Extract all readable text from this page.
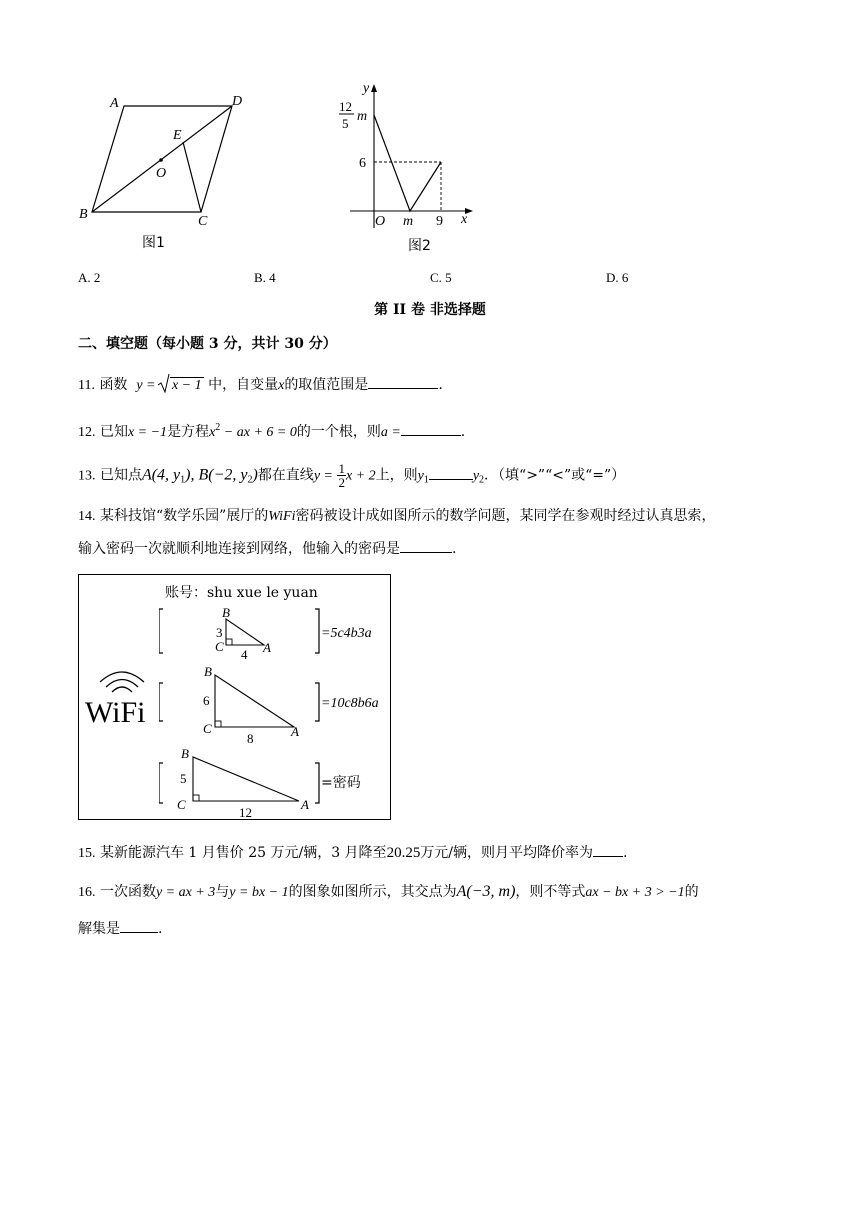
A	D
E
O
B	C
图1
y
x
O m 9
6
12
5 m
图2
A. 2	B. 4	C. 5	D. 6
第 II 卷 非选择题
二、填空题（每小题 3 分，共计 30 分）
11. 函数 y = x − 1 中，自变量x的取值范围是	.
12. 已知x = −1是方程$x^2$ − ax + 6 = 0的一个根，则a =	.
13. 已知点A(4, $y_1$), B(−2, $y_2$)都在直线$y = \frac{1}{2}$ x + 2上，则$y_1$	$y_2$．（填“>”“<”或“=”）
14. 某科技馆“数学乐园”展厅的WiFi密码被设计成如图所示的数学问题，某同学在参观时经过认真思索，
输入密码一次就顺利地连接到网络，他输入的密码是	.
账号：shu xue le yuan
WiFi
B
C	A
3
4
=5c4b3a
B
C	A
6
8
=10c8b6a
B
C	A
5
12
=密码
15. 某新能源汽车 1 月售价 25 万元/辆，3 月降至20.25万元/辆，则月平均降价率为 .
16. 一次函数y = ax + 3与y = bx − 1的图象如图所示，其交点为A(−3, m)，则不等式ax − bx + 3 > −1的
解集是	.
